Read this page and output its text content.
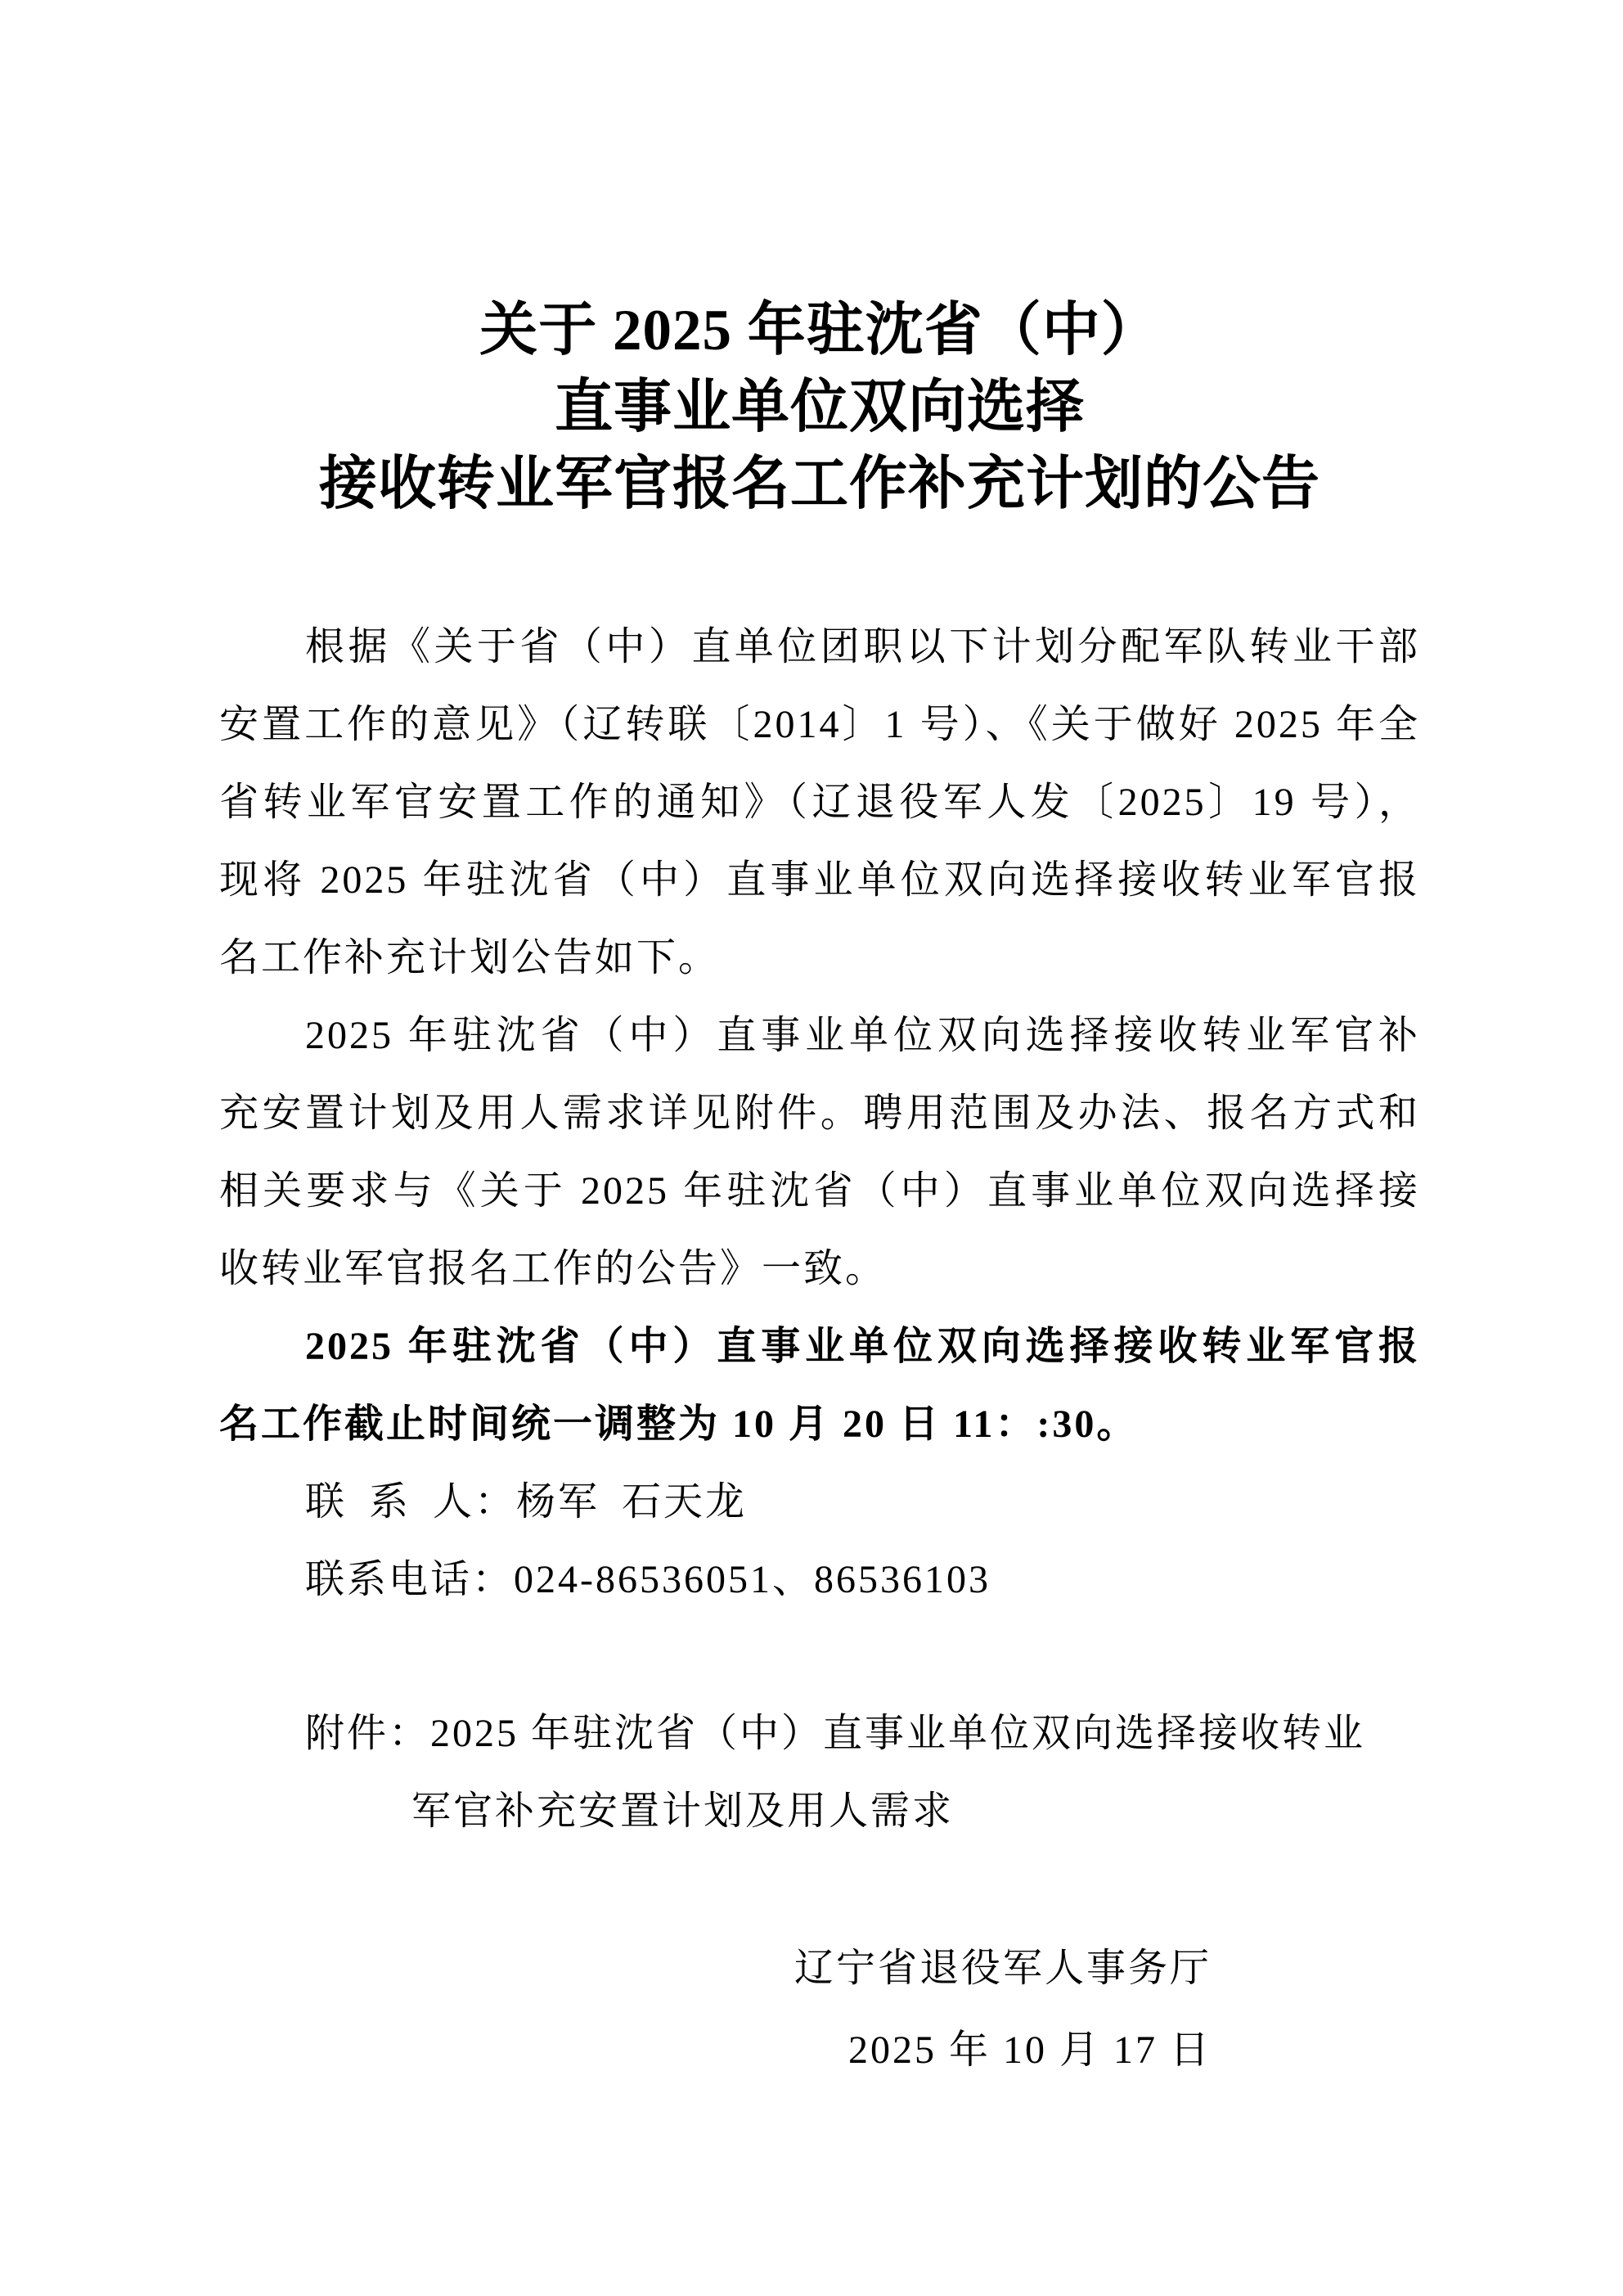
关于 2025 年驻沈省（中）直事业单位双向选择
接收转业军官报名工作补充计划的公告
根据《关于省（中）直单位团职以下计划分配军队转业干部
安置工作的意见》（辽转联〔2014〕1 号）、《关于做好 2025 年全
省转业军官安置工作的通知》（辽退役军人发〔2025〕19 号），
现将 2025 年驻沈省（中）直事业单位双向选择接收转业军官报
名工作补充计划公告如下。
2025 年驻沈省（中）直事业单位双向选择接收转业军官补
充安置计划及用人需求详见附件。聘用范围及办法、报名方式和
相关要求与《关于 2025 年驻沈省（中）直事业单位双向选择接
收转业军官报名工作的公告》一致。
2025 年驻沈省（中）直事业单位双向选择接收转业军官报
名工作截止时间统一调整为 10 月 20 日 11：:30。
联 系 人：杨军 石天龙
联系电话：024-86536051、86536103
附件：2025 年驻沈省（中）直事业单位双向选择接收转业
军官补充安置计划及用人需求
辽宁省退役军人事务厅
2025 年 10 月 17 日
